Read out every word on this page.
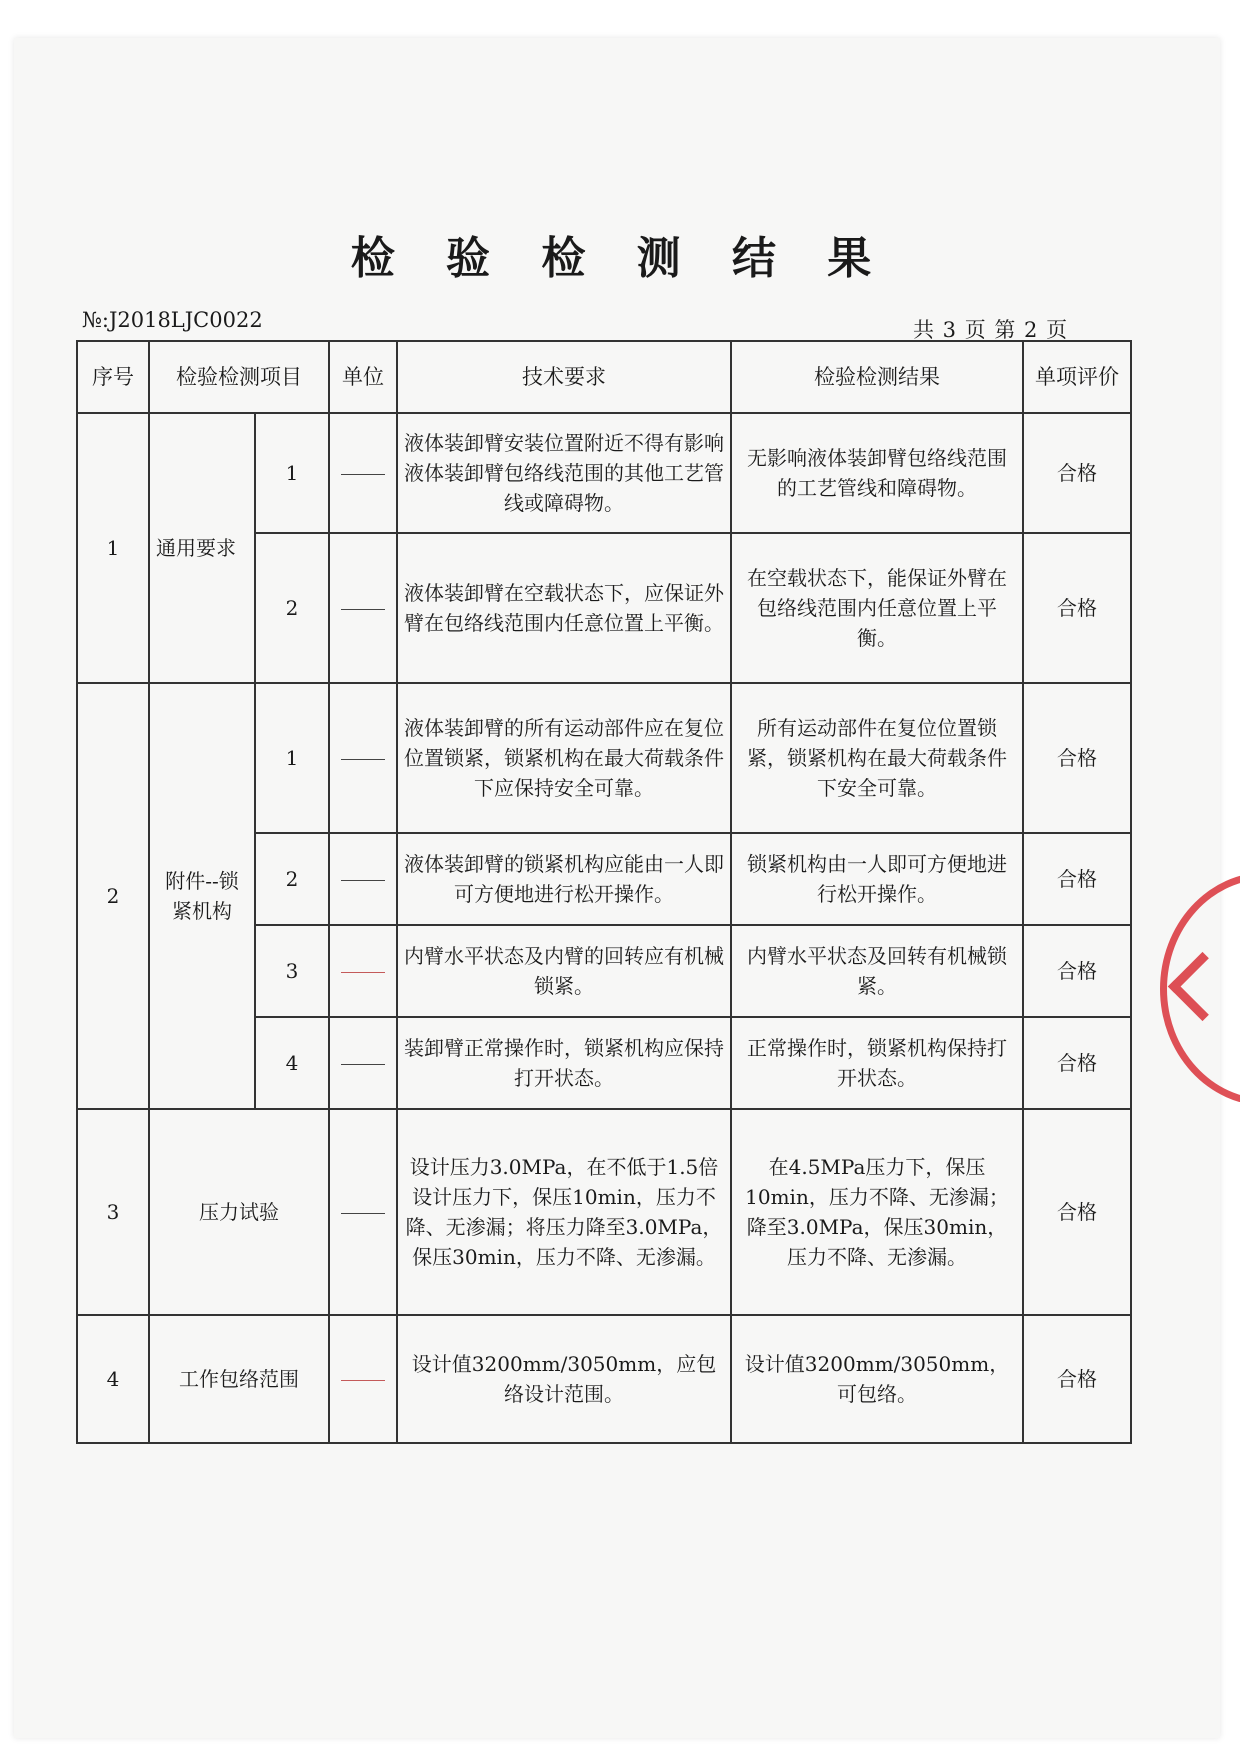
检 验 检 测 结 果
№:J2018LJC0022	共 3 页 第 2 页
序号	检验检测项目		单位	技术要求	检验检测结果	单项评价
1	通用要求	1		液体装卸臂安装位置附近不得有影响液体装卸臂包络线范围的其他工艺管线或障碍物。	无影响液体装卸臂包络线范围的工艺管线和障碍物。	合格
		2		液体装卸臂在空载状态下，应保证外臂在包络线范围内任意位置上平衡。	在空载状态下，能保证外臂在包络线范围内任意位置上平衡。	合格
2	附件--锁紧机构	1		液体装卸臂的所有运动部件应在复位位置锁紧，锁紧机构在最大荷载条件下应保持安全可靠。	所有运动部件在复位位置锁紧，锁紧机构在最大荷载条件下安全可靠。	合格
		2		液体装卸臂的锁紧机构应能由一人即可方便地进行松开操作。	锁紧机构由一人即可方便地进行松开操作。	合格
		3		内臂水平状态及内臂的回转应有机械锁紧。	内臂水平状态及回转有机械锁紧。	合格
		4		装卸臂正常操作时，锁紧机构应保持打开状态。	正常操作时，锁紧机构保持打开状态。	合格
3	压力试验			设计压力3.0MPa，在不低于1.5倍设计压力下，保压10min，压力不降、无渗漏；将压力降至3.0MPa，保压30min，压力不降、无渗漏。	在4.5MPa压力下，保压10min，压力不降、无渗漏；降至3.0MPa，保压30min，压力不降、无渗漏。	合格
4	工作包络范围			设计值3200mm/3050mm，应包络设计范围。	设计值3200mm/3050mm，可包络。	合格
